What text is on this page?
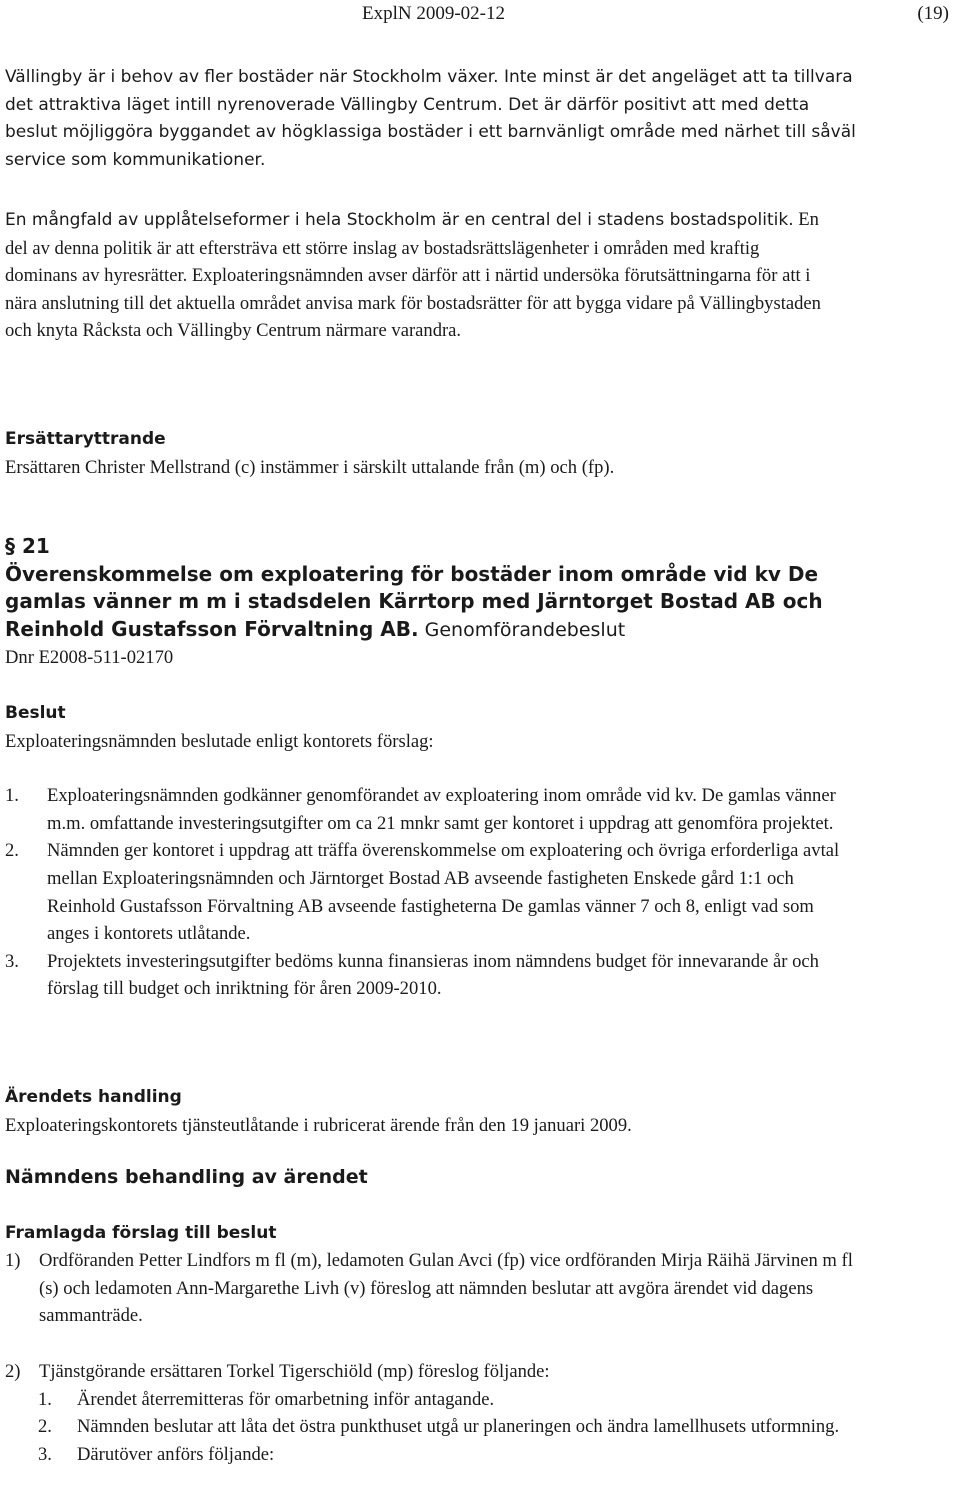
ExplN 2009-02-12	(19)

Vällingby är i behov av fler bostäder när Stockholm växer. Inte minst är det angeläget att ta tillvara det attraktiva läget intill nyrenoverade Vällingby Centrum. Det är därför positivt att med detta beslut möjliggöra byggandet av högklassiga bostäder i ett barnvänligt område med närhet till såväl service som kommunikationer.

En mångfald av upplåtelseformer i hela Stockholm är en central del i stadens bostadspolitik. En del av denna politik är att eftersträva ett större inslag av bostadsrättslägenheter i områden med kraftig dominans av hyresrätter. Exploateringsnämnden avser därför att i närtid undersöka förutsättningarna för att i nära anslutning till det aktuella området anvisa mark för bostadsrätter för att bygga vidare på Vällingbystaden och knyta Råcksta och Vällingby Centrum närmare varandra.

Ersättaryttrande

Ersättaren Christer Mellstrand (c) instämmer i särskilt uttalande från (m) och (fp).

§ 21

Överenskommelse om exploatering för bostäder inom område vid kv De gamlas vänner m m i stadsdelen Kärrtorp med Järntorget Bostad AB och Reinhold Gustafsson Förvaltning AB. Genomförandebeslut

Dnr E2008-511-02170

Beslut

Exploateringsnämnden beslutade enligt kontorets förslag:

1. Exploateringsnämnden godkänner genomförandet av exploatering inom område vid kv. De gamlas vänner m.m. omfattande investeringsutgifter om ca 21 mnkr samt ger kontoret i uppdrag att genomföra projektet.
2. Nämnden ger kontoret i uppdrag att träffa överenskommelse om exploatering och övriga erforderliga avtal mellan Exploateringsnämnden och Järntorget Bostad AB avseende fastigheten Enskede gård 1:1 och Reinhold Gustafsson Förvaltning AB avseende fastigheterna De gamlas vänner 7 och 8, enligt vad som anges i kontorets utlåtande.
3. Projektets investeringsutgifter bedöms kunna finansieras inom nämndens budget för innevarande år och förslag till budget och inriktning för åren 2009-2010.

Ärendets handling

Exploateringskontorets tjänsteutlåtande i rubricerat ärende från den 19 januari 2009.

Nämndens behandling av ärendet

Framlagda förslag till beslut

1) Ordföranden Petter Lindfors m fl (m), ledamoten Gulan Avci (fp) vice ordföranden Mirja Räihä Järvinen m fl (s) och ledamoten Ann-Margarethe Livh (v) föreslog att nämnden beslutar att avgöra ärendet vid dagens sammanträde.
2) Tjänstgörande ersättaren Torkel Tigerschiöld (mp) föreslog följande:
1. Ärendet återremitteras för omarbetning inför antagande.
2. Nämnden beslutar att låta det östra punkthuset utgå ur planeringen och ändra lamellhusets utformning.
3. Därutöver anförs följande:
